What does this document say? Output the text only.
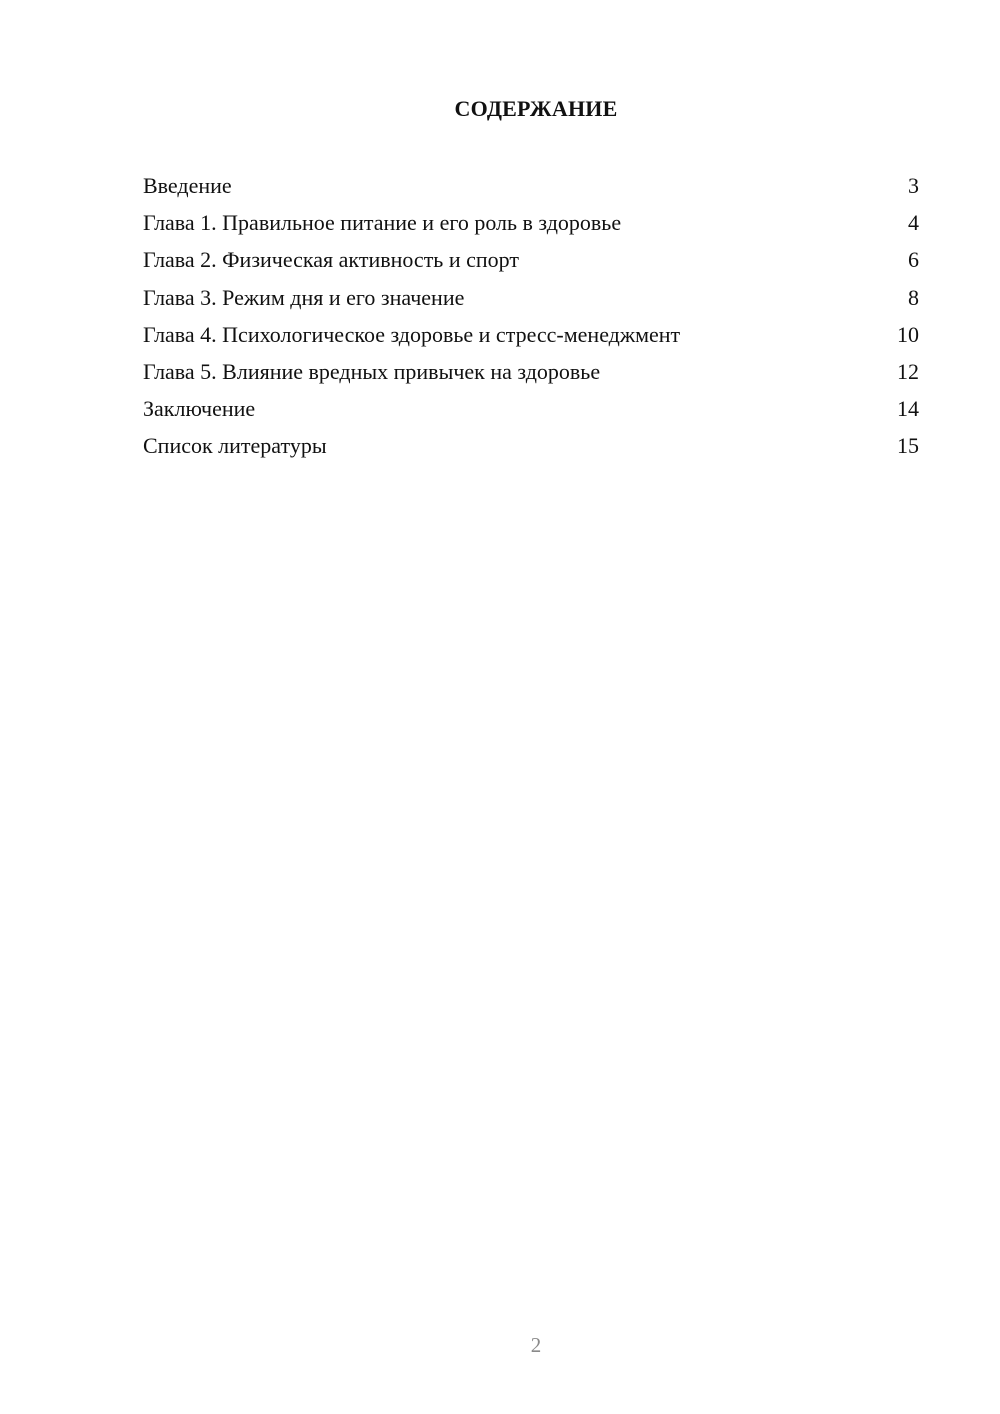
СОДЕРЖАНИЕ
Введение	3
Глава 1. Правильное питание и его роль в здоровье	4
Глава 2. Физическая активность и спорт	6
Глава 3. Режим дня и его значение	8
Глава 4. Психологическое здоровье и стресс-менеджмент	10
Глава 5. Влияние вредных привычек на здоровье	12
Заключение	14
Список литературы	15

2
